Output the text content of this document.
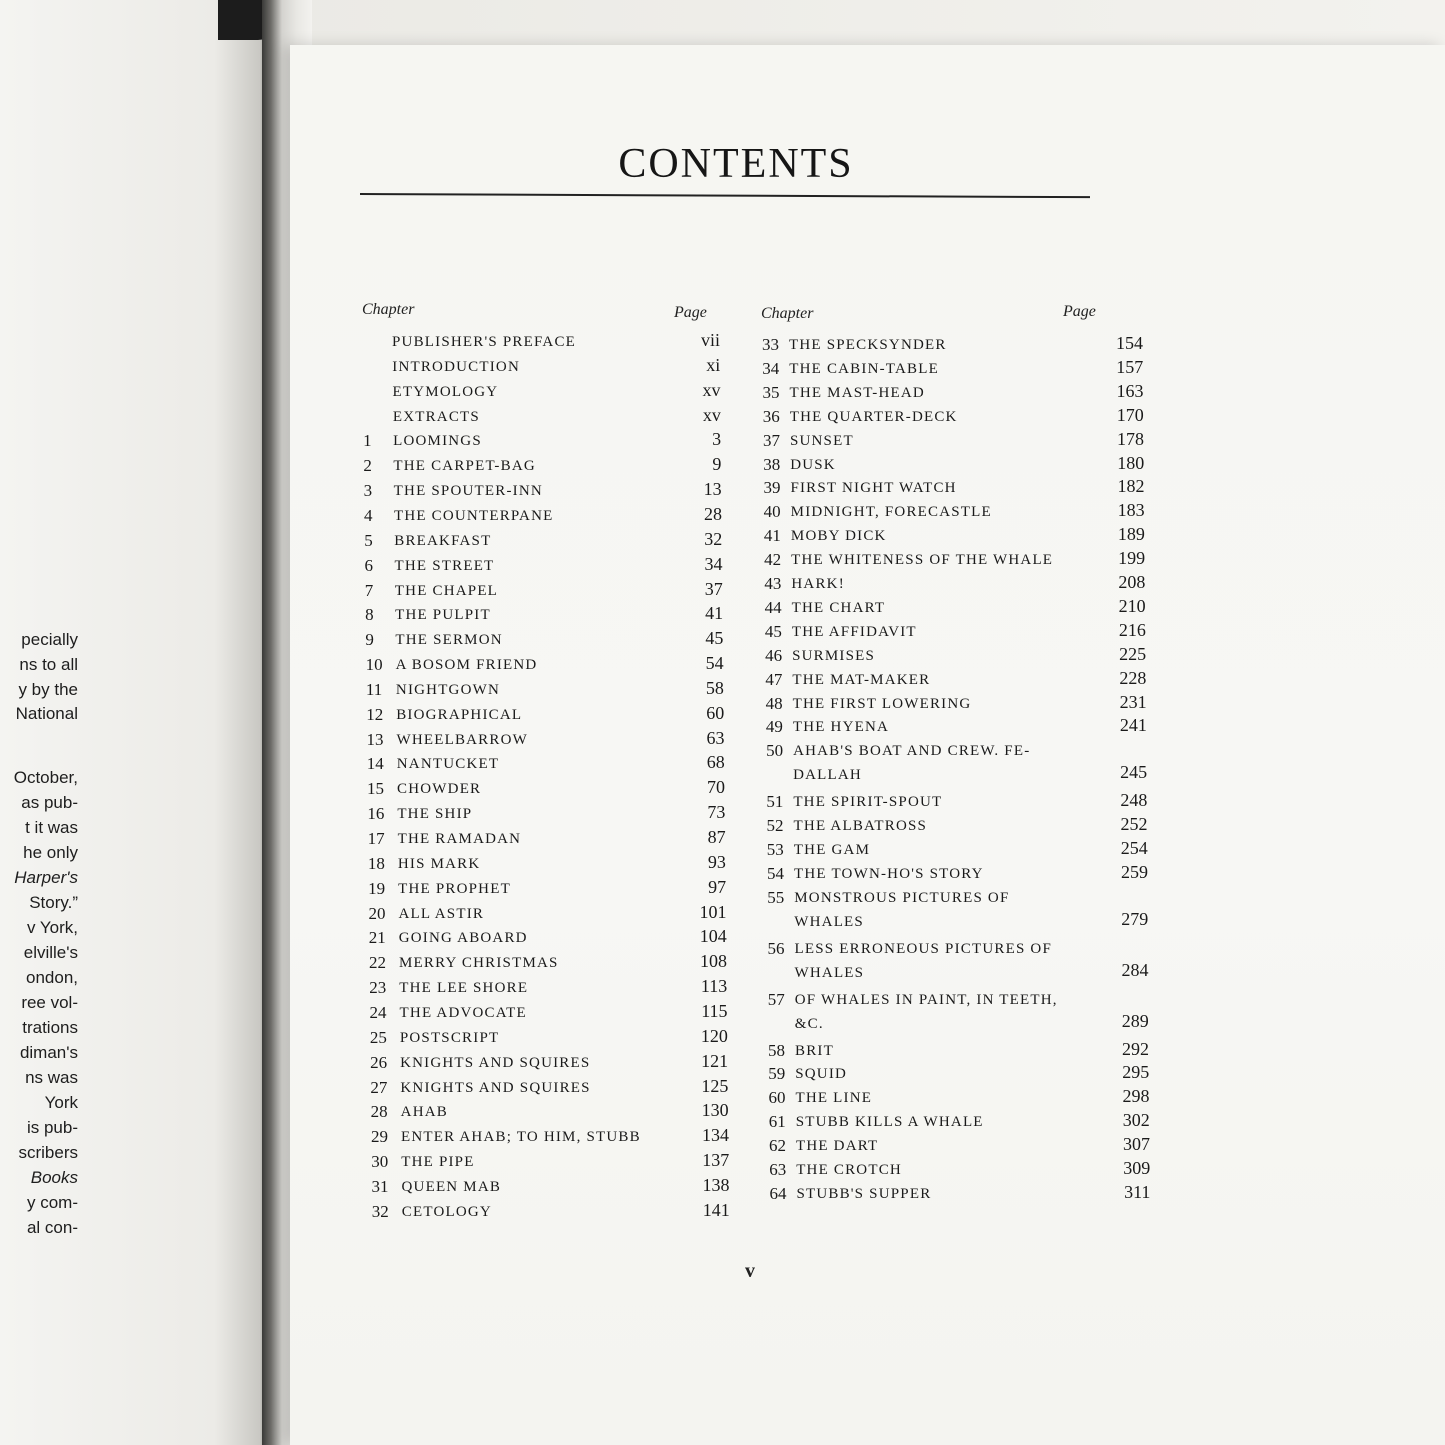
pecially
ns to all
y by the
National
October,
as pub-
t it was
he only
Harper's
Story.”
v York,
elville's
ondon,
ree vol-
trations
diman's
ns was
York
is pub-
scribers
Books
y com-
al con-
CONTENTS
Chapter	Page
PUBLISHER'S PREFACE	vii
INTRODUCTION	xi
ETYMOLOGY	xv
EXTRACTS	xv
1 LOOMINGS	3
2 THE CARPET-BAG	9
3 THE SPOUTER-INN	13
4 THE COUNTERPANE	28
5 BREAKFAST	32
6 THE STREET	34
7 THE CHAPEL	37
8 THE PULPIT	41
9 THE SERMON	45
10 A BOSOM FRIEND	54
11 NIGHTGOWN	58
12 BIOGRAPHICAL	60
13 WHEELBARROW	63
14 NANTUCKET	68
15 CHOWDER	70
16 THE SHIP	73
17 THE RAMADAN	87
18 HIS MARK	93
19 THE PROPHET	97
20 ALL ASTIR	101
21 GOING ABOARD	104
22 MERRY CHRISTMAS	108
23 THE LEE SHORE	113
24 THE ADVOCATE	115
25 POSTSCRIPT	120
26 KNIGHTS AND SQUIRES	121
27 KNIGHTS AND SQUIRES	125
28 AHAB	130
29 ENTER AHAB; TO HIM, STUBB	134
30 THE PIPE	137
31 QUEEN MAB	138
32 CETOLOGY	141
Chapter	Page
33 THE SPECKSYNDER	154
34 THE CABIN-TABLE	157
35 THE MAST-HEAD	163
36 THE QUARTER-DECK	170
37 SUNSET	178
38 DUSK	180
39 FIRST NIGHT WATCH	182
40 MIDNIGHT, FORECASTLE	183
41 MOBY DICK	189
42 THE WHITENESS OF THE WHALE	199
43 HARK!	208
44 THE CHART	210
45 THE AFFIDAVIT	216
46 SURMISES	225
47 THE MAT-MAKER	228
48 THE FIRST LOWERING	231
49 THE HYENA	241
50 AHAB'S BOAT AND CREW. FE-
DALLAH	245
51 THE SPIRIT-SPOUT	248
52 THE ALBATROSS	252
53 THE GAM	254
54 THE TOWN-HO'S STORY	259
55 MONSTROUS PICTURES OF
WHALES	279
56 LESS ERRONEOUS PICTURES OF
WHALES	284
57 OF WHALES IN PAINT, IN TEETH,
&C.	289
58 BRIT	292
59 SQUID	295
60 THE LINE	298
61 STUBB KILLS A WHALE	302
62 THE DART	307
63 THE CROTCH	309
64 STUBB'S SUPPER	311
v
